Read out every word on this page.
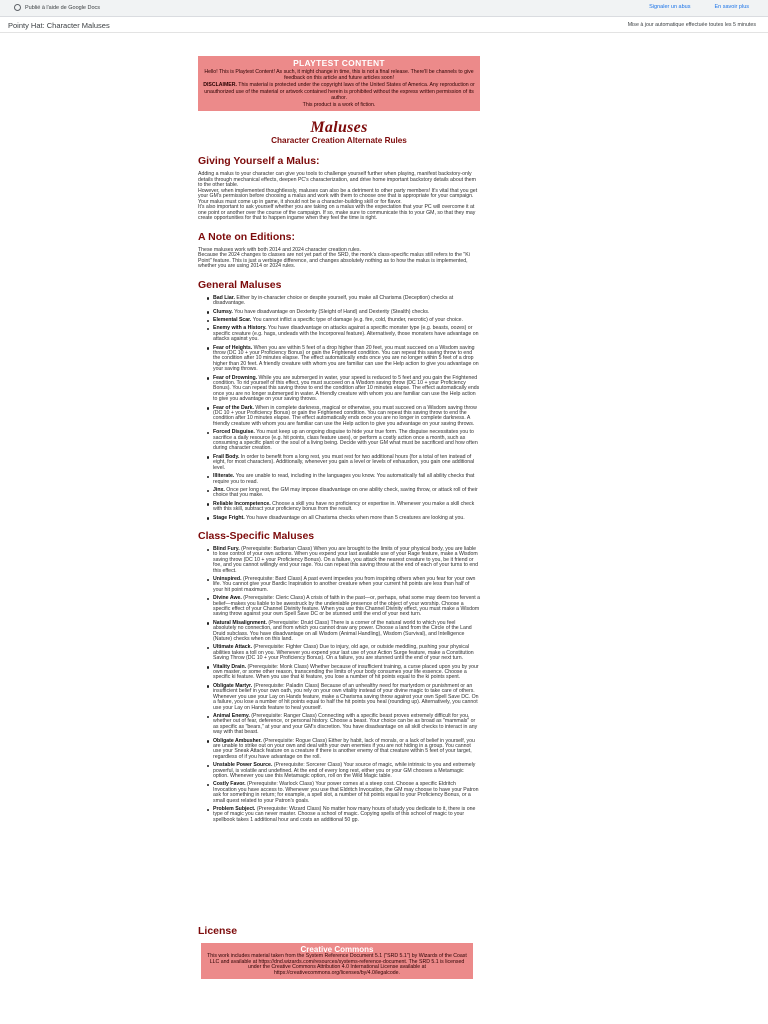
Publié à l'aide de Google Docs	Signaler un abus	En savoir plus
Pointy Hat: Character Maluses	Mise à jour automatique effectuée toutes les 5 minutes
PLAYTEST CONTENT

Hello! This is Playtest Content! As such, it might change in time, this is not a final release. There'll be channels to give feedback on this article and future articles soon!

DISCLAIMER. This material is protected under the copyright laws of the United States of America. Any reproduction or unauthorized use of the material or artwork contained herein is prohibited without the express written permission of its author.

This product is a work of fiction.

Maluses
Character Creation Alternate Rules
Giving Yourself a Malus:
Adding a malus to your character can give you tools to challenge yourself further when playing, manifest backstory-only details through mechanical effects, deepen PC's characterization, and drive home important backstory details about them to the other table.
However, when implemented thoughtlessly, maluses can also be a detriment to other party members! It's vital that you get your GM's permission before choosing a malus and work with them to choose one that is appropriate for your campaign. Your malus must come up in game, it should not be a character-building skill or for flavor.
It's also important to ask yourself whether you are taking on a malus with the expectation that your PC will overcome it at one point or another over the course of the campaign. If so, make sure to communicate this to your GM, so that they may create opportunities for that to happen ingame when they feel the time is right.
A Note on Editions:
These maluses work with both 2014 and 2024 character creation rules.
Because the 2024 changes to classes are not yet part of the SRD, the monk's class-specific malus still refers to the "Ki Point" feature. This is just a verbiage difference, and changes absolutely nothing as to how the malus is implemented, whether you are using 2014 or 2024 rules.
General Maluses
Bad Liar. Either by in-character choice or despite yourself, you make all Charisma (Deception) checks at disadvantage.
Clumsy. You have disadvantage on Dexterity (Sleight of Hand) and Dexterity (Stealth) checks.
Elemental Scar. You cannot inflict a specific type of damage (e.g. fire, cold, thunder, necrotic) of your choice.
Enemy with a History. You have disadvantage on attacks against a specific monster type (e.g. beasts, oozes) or specific creature (e.g. hags, undeads with the Incorporeal feature). Alternatively, those monsters have advantage on attacks against you.
Fear of Heights. When you are within 5 feet of a drop higher than 20 feet, you must succeed on a Wisdom saving throw (DC 10 + your Proficiency Bonus) or gain the Frightened condition. You can repeat this saving throw to end the condition after 10 minutes elapse. The effect automatically ends once you are no longer within 5 feet of a drop higher than 20 feet. A friendly creature with whom you are familiar can use the Help action to give you advantage on your saving throws.
Fear of Drowning. While you are submerged in water, your speed is reduced to 5 feet and you gain the Frightened condition. To rid yourself of this effect, you must succeed on a Wisdom saving throw (DC 10 + your Proficiency Bonus). You can repeat this saving throw to end the condition after 10 minutes elapse. The effect automatically ends once you are no longer submerged in water. A friendly creature with whom you are familiar can use the Help action to give you advantage on your saving throws.
Fear of the Dark. When in complete darkness, magical or otherwise, you must succeed on a Wisdom saving throw (DC 10 + your Proficiency Bonus) or gain the Frightened condition. You can repeat this saving throw to end the condition after 10 minutes elapse. The effect automatically ends once you are no longer in complete darkness. A friendly creature with whom you are familiar can use the Help action to give you advantage on your saving throws.
Forced Disguise. You must keep up an ongoing disguise to hide your true form. The disguise necessitates you to sacrifice a daily resource (e.g. hit points, class feature uses), or perform a costly action once a month, such as consuming a specific plant or the soul of a living being. Decide with your GM what must be sacrificed and how often during character creation.
Frail Body. In order to benefit from a long rest, you must rest for two additional hours (for a total of ten instead of eight, for most characters). Additionally, whenever you gain a level or levels of exhaustion, you gain one additional level.
Illiterate. You are unable to read, including in the languages you know. You automatically fail all ability checks that require you to read.
Jinx. Once per long rest, the GM may impose disadvantage on one ability check, saving throw, or attack roll of their choice that you make.
Reliable Incompetence. Choose a skill you have no proficiency or expertise in. Whenever you make a skill check with this skill, subtract your proficiency bonus from the result.
Stage Fright. You have disadvantage on all Charisma checks when more than 5 creatures are looking at you.
Class-Specific Maluses
Blind Fury. (Prerequisite: Barbarian Class) When you are brought to the limits of your physical body, you are liable to lose control of your own actions. When you expend your last available use of your Rage feature, make a Wisdom saving throw (DC 10 + your Proficiency Bonus). On a failure, you attack the nearest creature to you, be it friend or foe, and you cannot willingly end your rage. You can repeat this saving throw at the end of each of your turns to end this effect.
Uninspired. (Prerequisite: Bard Class) A past event impedes you from inspiring others when you fear for your own life. You cannot give your Bardic Inspiration to another creature when your current hit points are less than half of your hit point maximum.
Divine Awe. (Prerequisite: Cleric Class) A crisis of faith in the past—or, perhaps, what some may deem too fervent a belief—makes you liable to be awestruck by the undeniable presence of the object of your worship. Choose a specific effect of your Channel Divinity feature. When you use this Channel Divinity effect, you must make a Wisdom saving throw against your own Spell Save DC or be stunned until the end of your next turn.
Natural Misalignment. (Prerequisite: Druid Class) There is a corner of the natural world to which you feel absolutely no connection, and from which you cannot draw any power. Choose a land from the Circle of the Land Druid subclass. You have disadvantage on all Wisdom (Animal Handling), Wisdom (Survival), and Intelligence (Nature) checks when on this land.
Ultimate Attack. (Prerequisite: Fighter Class) Due to injury, old age, or outside meddling, pushing your physical abilities takes a toll on you. Whenever you expend your last use of your Action Surge feature, make a Constitution Saving Throw (DC 10 + your Proficiency Bonus). On a failure, you are stunned until the end of your next turn.
Vitality Drain. (Prerequisite: Monk Class) Whether because of insufficient training, a curse placed upon you by your own master, or some other reason, transcending the limits of your body consumes your life essence. Choose a specific ki feature. When you use that ki feature, you lose a number of hit points equal to the ki points spent.
Obligate Martyr. (Prerequisite: Paladin Class) Because of an unhealthy need for martyrdom or punishment or an insufficient belief in your own oath, you rely on your own vitality instead of your divine magic to take care of others. Whenever you use your Lay on Hands feature, make a Charisma saving throw against your own Spell Save DC. On a failure, you lose a number of hit points equal to half the hit points you heal (rounding up). Alternatively, you cannot use your Lay on Hands feature to heal yourself.
Animal Enemy. (Prerequisite: Ranger Class) Connecting with a specific beast proves extremely difficult for you, whether out of fear, deference, or personal history. Choose a beast. Your choice can be as broad as "mammals" or as specific as "bears," at your and your GM's discretion. You have disadvantage on all skill checks to interact in any way with that beast.
Obligate Ambusher. (Prerequisite: Rogue Class) Either by habit, lack of morals, or a lack of belief in yourself, you are unable to strike out on your own and deal with your own enemies if you are not hiding in a group. You cannot use your Sneak Attack feature on a creature if there is another enemy of that creature within 5 feet of your target, regardless of if you have advantage on the roll.
Unstable Power Source. (Prerequisite: Sorcerer Class) Your source of magic, while intrinsic to you and extremely powerful, is volatile and undefined. At the end of every long rest, either you or your GM chooses a Metamagic option. Whenever you use this Metamagic option, roll on the Wild Magic table.
Costly Favor. (Prerequisite: Warlock Class) Your power comes at a steep cost. Choose a specific Eldritch Invocation you have access to. Whenever you use that Eldritch Invocation, the GM may choose to have your Patron ask for something in return; for example, a spell slot, a number of hit points equal to your Proficiency Bonus, or a small quest related to your Patron's goals.
Problem Subject. (Prerequisite: Wizard Class) No matter how many hours of study you dedicate to it, there is one type of magic you can never master. Choose a school of magic. Copying spells of this school of magic to your spellbook takes 1 additional hour and costs an additional 50 gp.
License
Creative Commons

This work includes material taken from the System Reference Document 5.1 ("SRD 5.1") by Wizards of the Coast LLC and available at https://dnd.wizards.com/resources/systems-reference-document. The SRD 5.1 is licensed under the Creative Commons Attribution 4.0 International License available at https://creativecommons.org/licenses/by/4.0/legalcode.
